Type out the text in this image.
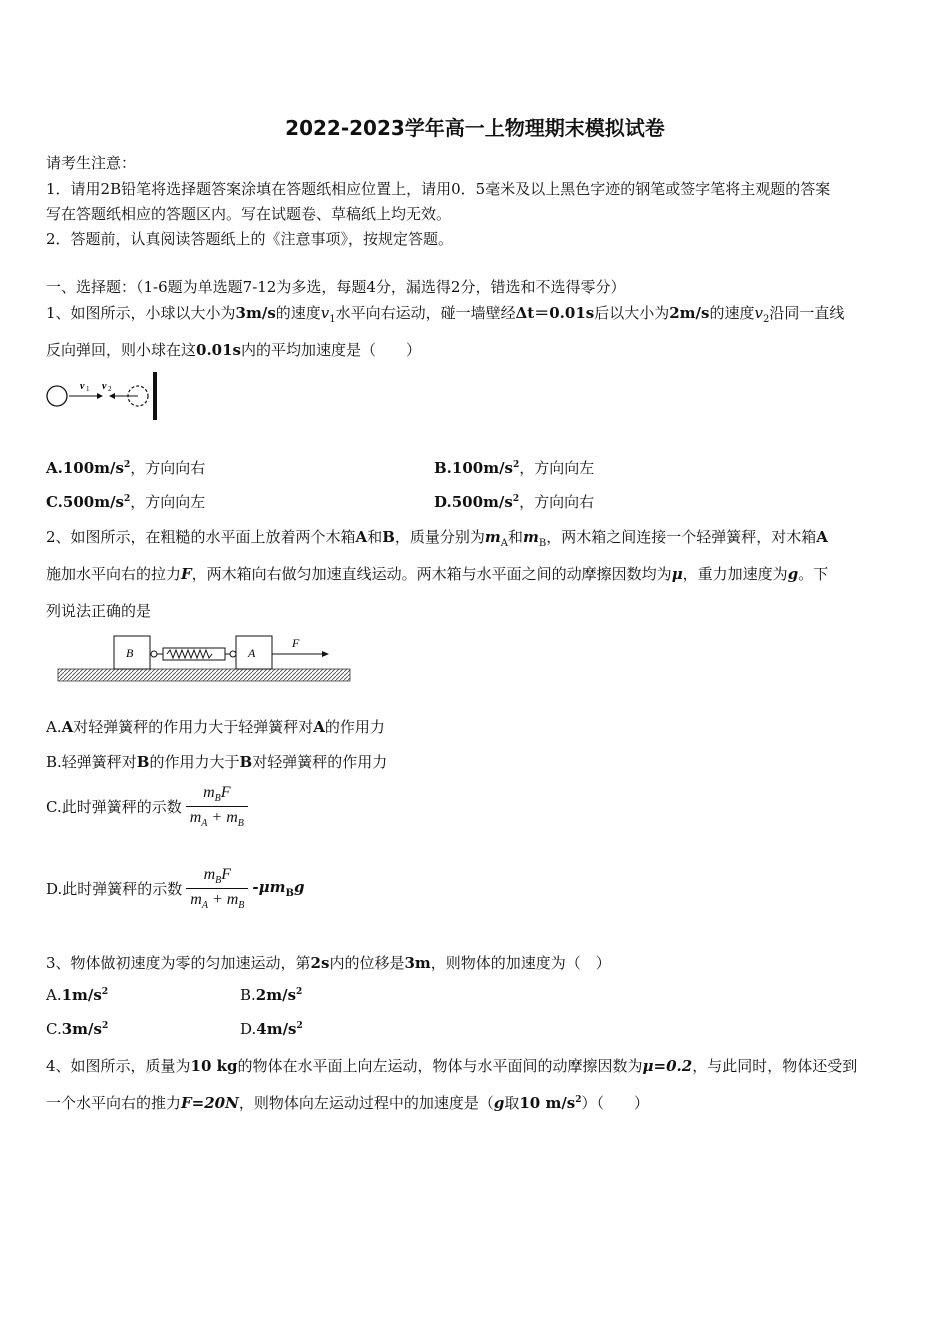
2022-2023学年高一上物理期末模拟试卷
请考生注意：
1．请用2B铅笔将选择题答案涂填在答题纸相应位置上，请用0．5毫米及以上黑色字迹的钢笔或签字笔将主观题的答案
写在答题纸相应的答题区内。写在试题卷、草稿纸上均无效。
2．答题前，认真阅读答题纸上的《注意事项》，按规定答题。
一、选择题：（1-6题为单选题7-12为多选，每题4分，漏选得2分，错选和不选得零分）
1、如图所示，小球以大小为3m/s的速度$v_1$水平向右运动，碰一墙壁经Δt＝0.01s后以大小为2m/s的速度$v_2$沿同一直线
反向弹回，则小球在这0.01s内的平均加速度是（　　）
v 1 v 2
$A.100m/s^2$，方向向右	$B.100m/s^2$，方向向左
$C.500m/s^2$，方向向左	$D.500m/s^2$，方向向右
2、如图所示，在粗糙的水平面上放着两个木箱A和B，质量分别为$m_A$和$m_B$，两木箱之间连接一个轻弹簧秤，对木箱A
施加水平向右的拉力F，两木箱向右做匀加速直线运动。两木箱与水平面之间的动摩擦因数均为μ，重力加速度为g。下
列说法正确的是
B	A
F
A.A对轻弹簧秤的作用力大于轻弹簧秤对A的作用力
B.轻弹簧秤对B的作用力大于B对轻弹簧秤的作用力
C.此时弹簧秤的示数 $\frac{m_BF}{m_A + m_B}$
D.此时弹簧秤的示数 $\frac{m_BF}{m_A + m_B} -\mu m_Bg$
3、物体做初速度为零的匀加速运动，第2s内的位移是3m，则物体的加速度为（　）
$A.1m/s^2$	$B.2m/s^2$
$C.3m/s^2$	$D.4m/s^2$
4、如图所示，质量为10 kg的物体在水平面上向左运动，物体与水平面间的动摩擦因数为μ=0.2，与此同时，物体还受到
一个水平向右的推力F=20N，则物体向左运动过程中的加速度是（g取10 $m/s^2$）（　　）
